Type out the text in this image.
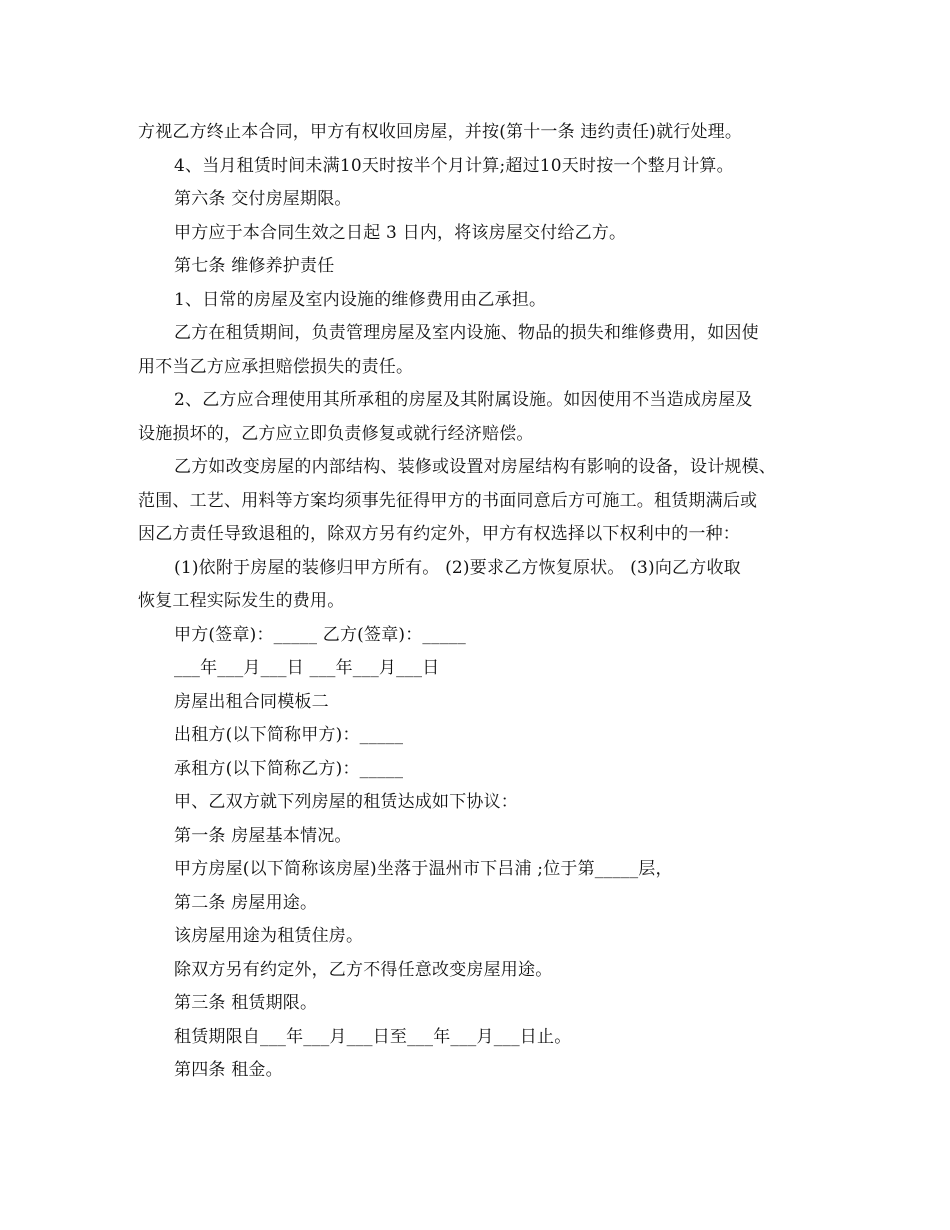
方视乙方终止本合同，甲方有权收回房屋，并按(第十一条 违约责任)就行处理。
4、当月租赁时间未满10天时按半个月计算;超过10天时按一个整月计算。
第六条 交付房屋期限。
甲方应于本合同生效之日起 3 日内，将该房屋交付给乙方。
第七条 维修养护责任
1、日常的房屋及室内设施的维修费用由乙承担。
乙方在租赁期间，负责管理房屋及室内设施、物品的损失和维修费用，如因使
用不当乙方应承担赔偿损失的责任。
2、乙方应合理使用其所承租的房屋及其附属设施。如因使用不当造成房屋及
设施损坏的，乙方应立即负责修复或就行经济赔偿。
乙方如改变房屋的内部结构、装修或设置对房屋结构有影响的设备，设计规模、
范围、工艺、用料等方案均须事先征得甲方的书面同意后方可施工。租赁期满后或
因乙方责任导致退租的，除双方另有约定外，甲方有权选择以下权利中的一种：
(1)依附于房屋的装修归甲方所有。 (2)要求乙方恢复原状。 (3)向乙方收取
恢复工程实际发生的费用。
甲方(签章)：_____ 乙方(签章)：_____
___年___月___日 ___年___月___日
房屋出租合同模板二
出租方(以下简称甲方)：_____
承租方(以下简称乙方)：_____
甲、乙双方就下列房屋的租赁达成如下协议：
第一条 房屋基本情况。
甲方房屋(以下简称该房屋)坐落于温州市下吕浦 ;位于第_____层，
第二条 房屋用途。
该房屋用途为租赁住房。
除双方另有约定外，乙方不得任意改变房屋用途。
第三条 租赁期限。
租赁期限自___年___月___日至___年___月___日止。
第四条 租金。
